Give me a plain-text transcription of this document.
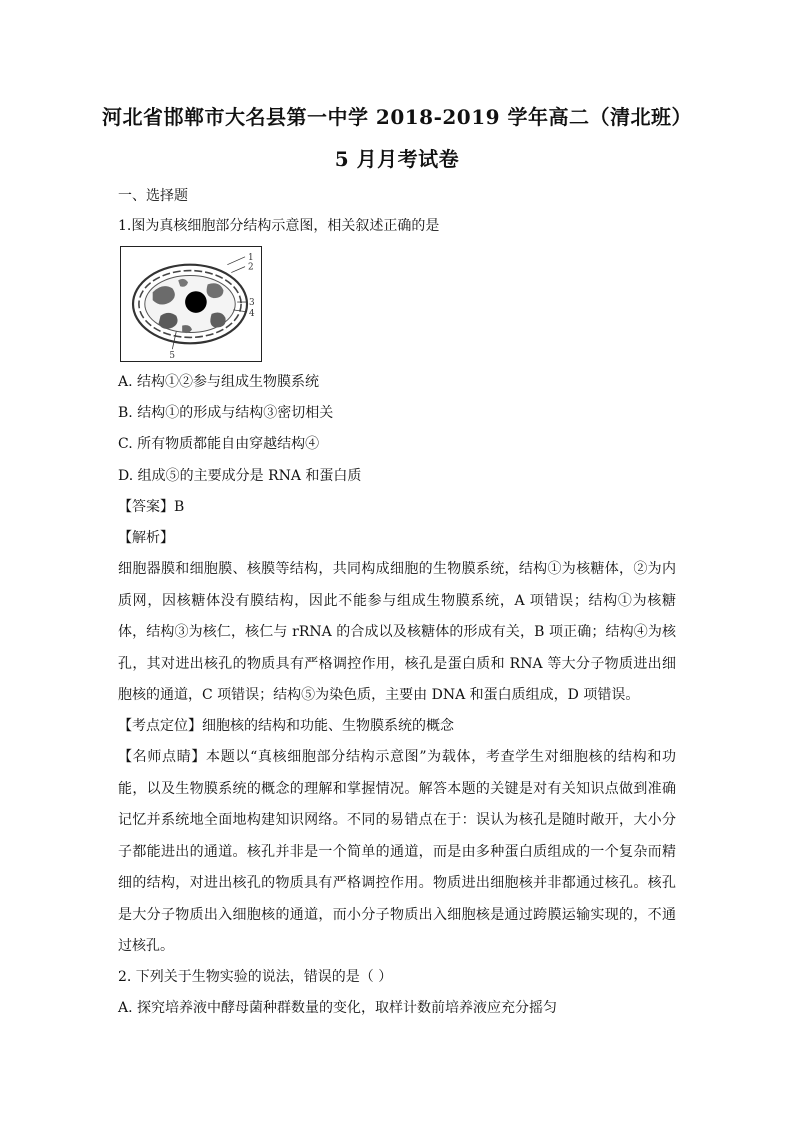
河北省邯郸市大名县第一中学 2018-2019 学年高二（清北班）
5 月月考试卷
一、选择题
1.图为真核细胞部分结构示意图，相关叙述正确的是
1
2
3
4
5
A. 结构①②参与组成生物膜系统
B. 结构①的形成与结构③密切相关
C. 所有物质都能自由穿越结构④
D. 组成⑤的主要成分是 RNA 和蛋白质
【答案】B
【解析】
细胞器膜和细胞膜、核膜等结构，共同构成细胞的生物膜系统，结构①为核糖体，②为内质网，因核糖体没有膜结构，因此不能参与组成生物膜系统，A 项错误；结构①为核糖体，结构③为核仁，核仁与 rRNA 的合成以及核糖体的形成有关，B 项正确；结构④为核孔，其对进出核孔的物质具有严格调控作用，核孔是蛋白质和 RNA 等大分子物质进出细胞核的通道，C 项错误；结构⑤为染色质，主要由 DNA 和蛋白质组成，D 项错误。
【考点定位】细胞核的结构和功能、生物膜系统的概念
【名师点睛】本题以“真核细胞部分结构示意图”为载体，考查学生对细胞核的结构和功能，以及生物膜系统的概念的理解和掌握情况。解答本题的关键是对有关知识点做到准确记忆并系统地全面地构建知识网络。不同的易错点在于：误认为核孔是随时敞开，大小分子都能进出的通道。核孔并非是一个简单的通道，而是由多种蛋白质组成的一个复杂而精细的结构，对进出核孔的物质具有严格调控作用。物质进出细胞核并非都通过核孔。核孔是大分子物质出入细胞核的通道，而小分子物质出入细胞核是通过跨膜运输实现的，不通过核孔。
2. 下列关于生物实验的说法，错误的是（ ）
A. 探究培养液中酵母菌种群数量的变化，取样计数前培养液应充分摇匀
